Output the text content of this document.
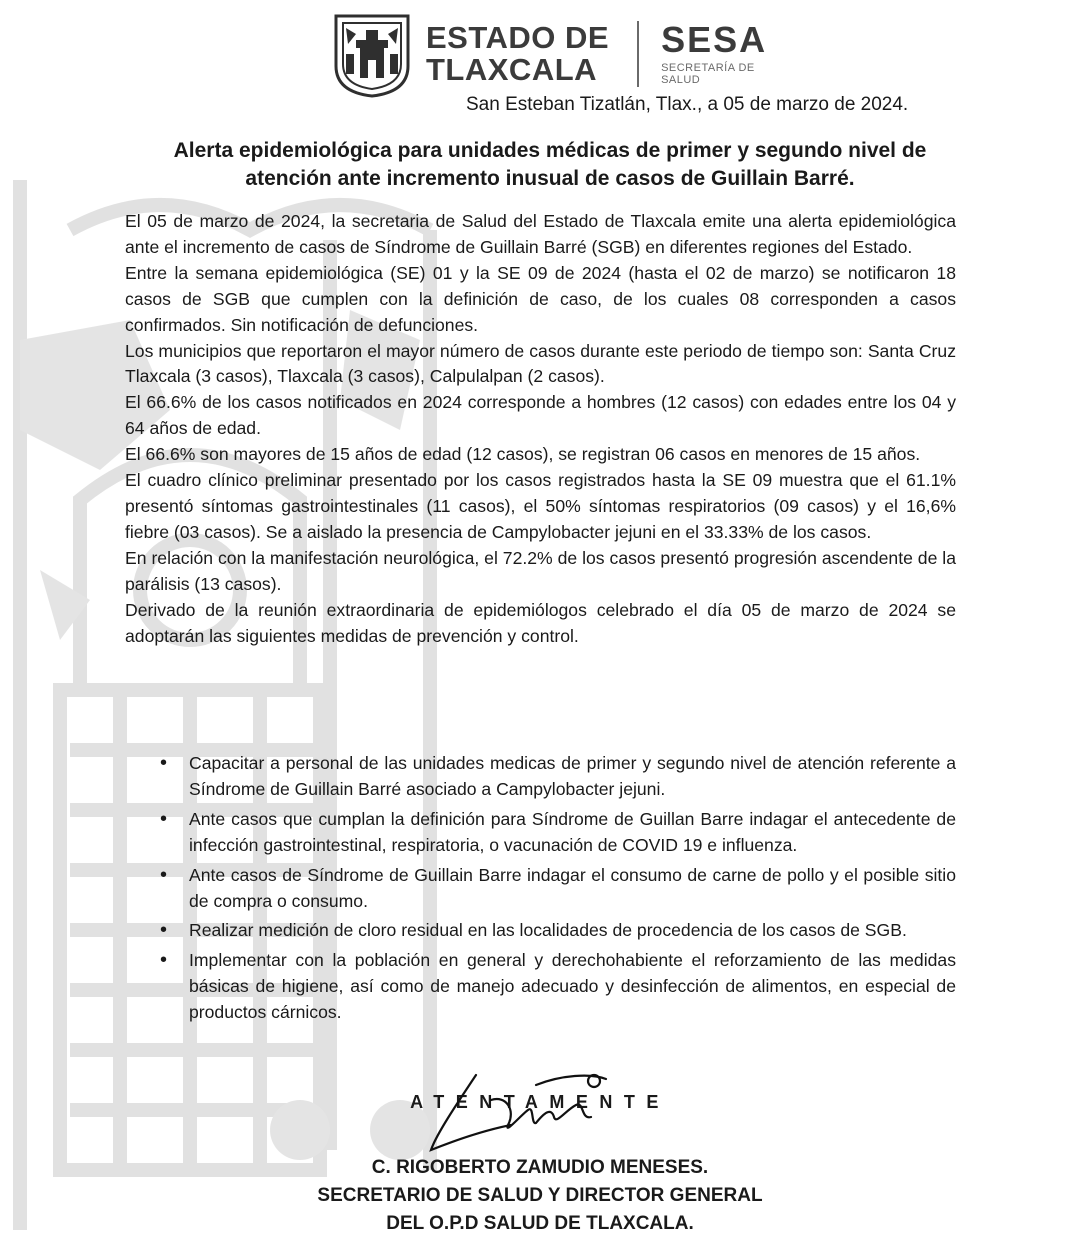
ESTADO DE
TLAXCALA
SESA
SECRETARÍA DE
SALUD
San Esteban Tizatlán, Tlax., a 05 de marzo de 2024.
Alerta epidemiológica para unidades médicas de primer y segundo nivel de
atención ante incremento inusual de casos de Guillain Barré.

El 05 de marzo de 2024, la secretaria de Salud del Estado de Tlaxcala emite una alerta epidemiológica ante el incremento de casos de Síndrome de Guillain Barré (SGB) en diferentes regiones del Estado.

Entre la semana epidemiológica (SE) 01 y la SE 09 de 2024 (hasta el 02 de marzo) se notificaron 18 casos de SGB que cumplen con la definición de caso, de los cuales 08 corresponden a casos confirmados. Sin notificación de defunciones.

Los municipios que reportaron el mayor número de casos durante este periodo de tiempo son: Santa Cruz Tlaxcala (3 casos), Tlaxcala (3 casos), Calpulalpan (2 casos).

El 66.6% de los casos notificados en 2024 corresponde a hombres (12 casos) con edades entre los 04 y 64 años de edad.

El 66.6% son mayores de 15 años de edad (12 casos), se registran 06 casos en menores de 15 años.

El cuadro clínico preliminar presentado por los casos registrados hasta la SE 09 muestra que el 61.1% presentó síntomas gastrointestinales (11 casos), el 50% síntomas respiratorios (09 casos) y el 16,6% fiebre (03 casos). Se a aislado la presencia de Campylobacter jejuni en el 33.33% de los casos.

En relación con la manifestación neurológica, el 72.2% de los casos presentó progresión ascendente de la parálisis (13 casos).

Derivado de la reunión extraordinaria de epidemiólogos celebrado el día 05 de marzo de 2024 se adoptarán las siguientes medidas de prevención y control.

• Capacitar a personal de las unidades medicas de primer y segundo nivel de atención referente a Síndrome de Guillain Barré asociado a Campylobacter jejuni.
• Ante casos que cumplan la definición para Síndrome de Guillan Barre indagar el antecedente de infección gastrointestinal, respiratoria, o vacunación de COVID 19 e influenza.
• Ante casos de Síndrome de Guillain Barre indagar el consumo de carne de pollo y el posible sitio de compra o consumo.
• Realizar medición de cloro residual en las localidades de procedencia de los casos de SGB.
• Implementar con la población en general y derechohabiente el reforzamiento de las medidas básicas de higiene, así como de manejo adecuado y desinfección de alimentos, en especial de productos cárnicos.
ATENTAMENTE
C. RIGOBERTO ZAMUDIO MENESES.
SECRETARIO DE SALUD Y DIRECTOR GENERAL
DEL O.P.D SALUD DE TLAXCALA.
